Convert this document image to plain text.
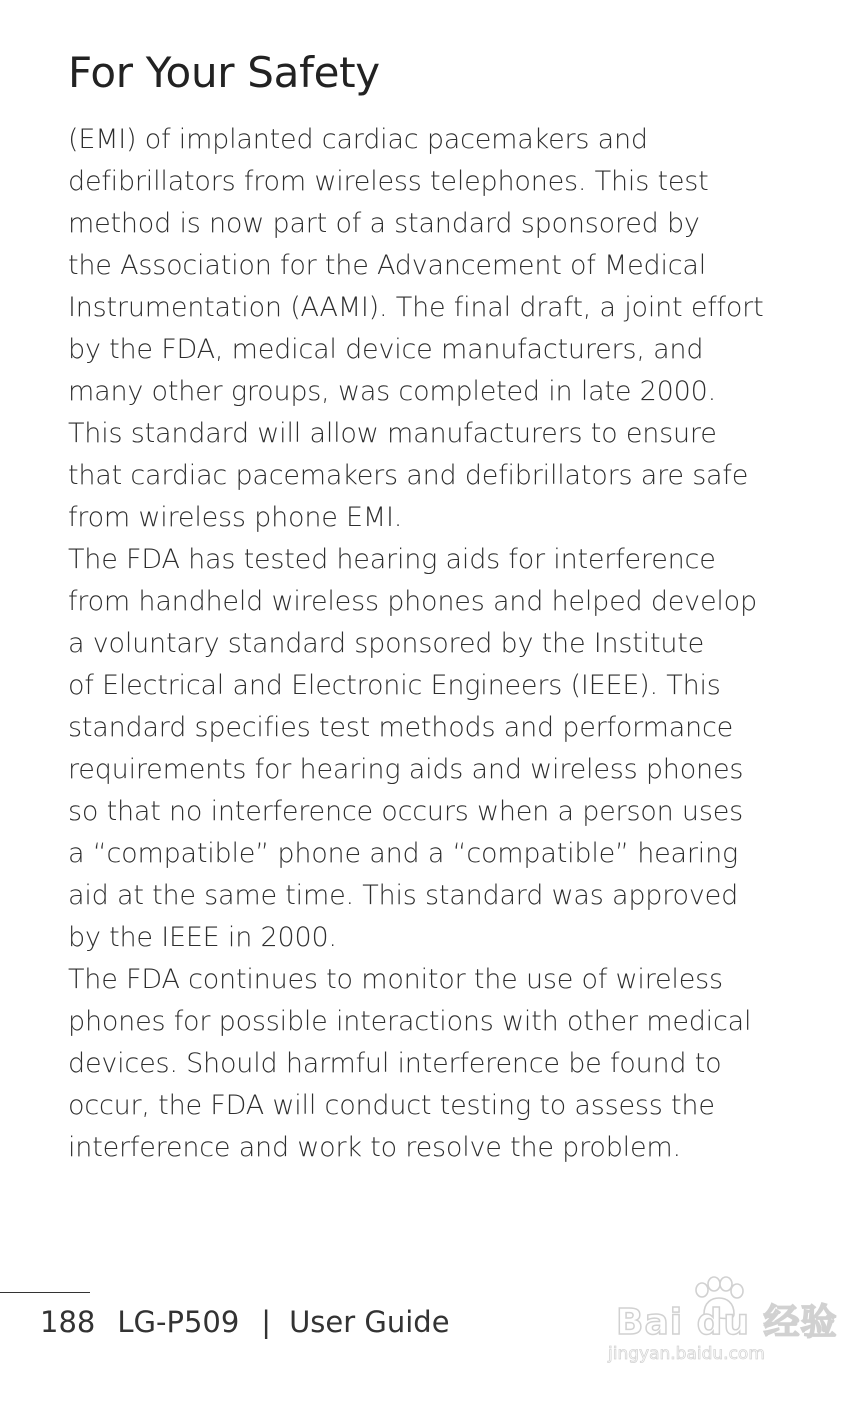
For Your Safety
(EMI) of implanted cardiac pacemakers and
defibrillators from wireless telephones. This test
method is now part of a standard sponsored by
the Association for the Advancement of Medical
Instrumentation (AAMI). The final draft, a joint effort
by the FDA, medical device manufacturers, and
many other groups, was completed in late 2000.
This standard will allow manufacturers to ensure
that cardiac pacemakers and defibrillators are safe
from wireless phone EMI.
The FDA has tested hearing aids for interference
from handheld wireless phones and helped develop
a voluntary standard sponsored by the Institute
of Electrical and Electronic Engineers (IEEE). This
standard specifies test methods and performance
requirements for hearing aids and wireless phones
so that no interference occurs when a person uses
a “compatible” phone and a “compatible” hearing
aid at the same time. This standard was approved
by the IEEE in 2000.
The FDA continues to monitor the use of wireless
phones for possible interactions with other medical
devices. Should harmful interference be found to
occur, the FDA will conduct testing to assess the
interference and work to resolve the problem.
188 LG-P509 | User Guide	Bai du 经验
jingyan.baidu.com
